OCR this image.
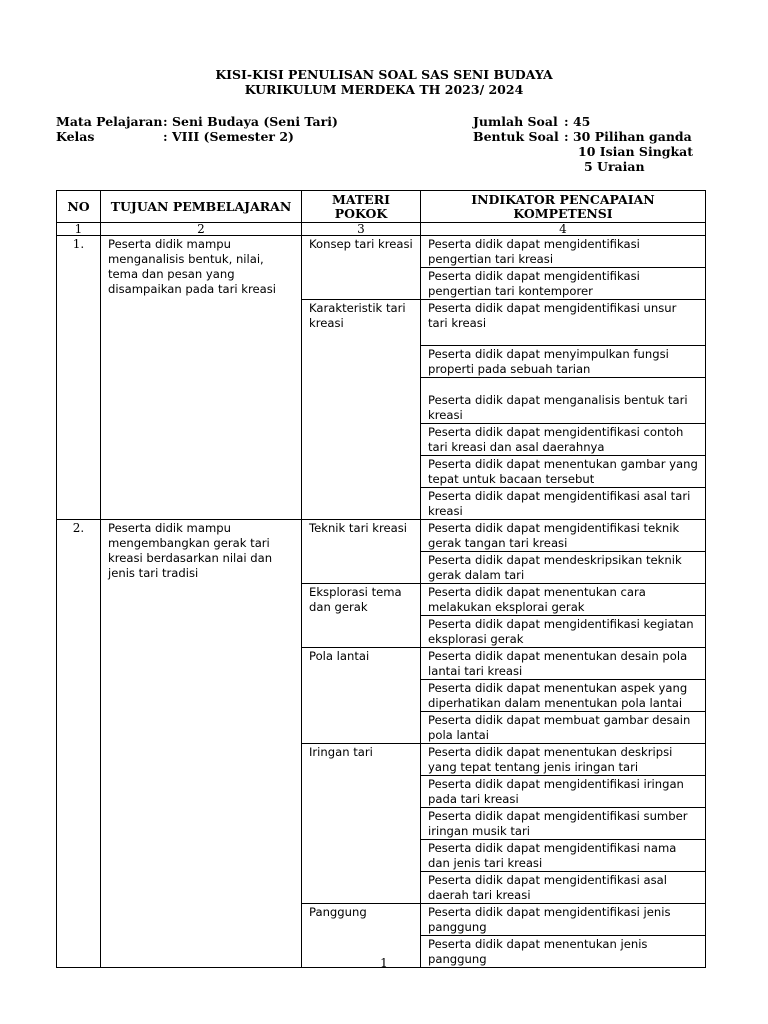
KISI-KISI PENULISAN SOAL SAS SENI BUDAYA
KURIKULUM MERDEKA TH 2023/ 2024
Mata Pelajaran : Seni Budaya (Seni Tari)
Kelas	: VIII (Semester 2)
Jumlah Soal : 45
Bentuk Soal : 30 Pilihan ganda
10 Isian Singkat
5 Uraian
NO	TUJUAN PEMBELAJARAN	MATERI POKOK	INDIKATOR PENCAPAIAN KOMPETENSI
1	2	3	4
1.	Peserta didik mampu menganalisis bentuk, nilai, tema dan pesan yang disampaikan pada tari kreasi	Konsep tari kreasi	Peserta didik dapat mengidentifikasi pengertian tari kreasi
			Peserta didik dapat mengidentifikasi pengertian tari kontemporer
		Karakteristik tari kreasi	Peserta didik dapat mengidentifikasi unsur tari kreasi
			Peserta didik dapat menyimpulkan fungsi properti pada sebuah tarian
			Peserta didik dapat menganalisis bentuk tari kreasi
			Peserta didik dapat mengidentifikasi contoh tari kreasi dan asal daerahnya
			Peserta didik dapat menentukan gambar yang tepat untuk bacaan tersebut
			Peserta didik dapat mengidentifikasi asal tari kreasi
2.	Peserta didik mampu mengembangkan gerak tari kreasi berdasarkan nilai dan jenis tari tradisi	Teknik tari kreasi	Peserta didik dapat mengidentifikasi teknik gerak tangan tari kreasi
			Peserta didik dapat mendeskripsikan teknik gerak dalam tari
		Eksplorasi tema dan gerak	Peserta didik dapat menentukan cara melakukan eksplorai gerak
			Peserta didik dapat mengidentifikasi kegiatan eksplorasi gerak
		Pola lantai	Peserta didik dapat menentukan desain pola lantai tari kreasi
			Peserta didik dapat menentukan aspek yang diperhatikan dalam menentukan pola lantai
			Peserta didik dapat membuat gambar desain pola lantai
		Iringan tari	Peserta didik dapat menentukan deskripsi yang tepat tentang jenis iringan tari
			Peserta didik dapat mengidentifikasi iringan pada tari kreasi
			Peserta didik dapat mengidentifikasi sumber iringan musik tari
			Peserta didik dapat mengidentifikasi nama dan jenis tari kreasi
			Peserta didik dapat mengidentifikasi asal daerah tari kreasi
		Panggung	Peserta didik dapat mengidentifikasi jenis panggung
			Peserta didik dapat menentukan jenis panggung
1
